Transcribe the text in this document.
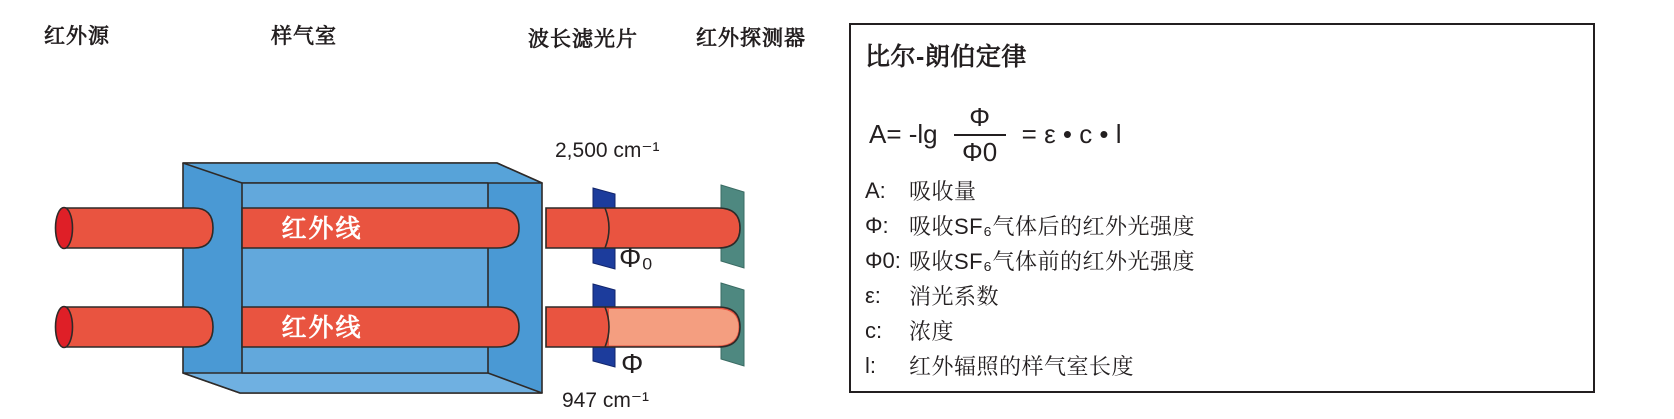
红外线
红外线
红外源	样气室	波长滤光片	红外探测器
2,500 cm⁻¹
Φ₀
Φ
947 cm⁻¹
比尔-朗伯定律
$A= -\lg \frac{\Phi}{\Phi 0} = \varepsilon$ • c • l
A:	吸收量
Φ: 吸收SF₆气体后的红外光强度
Φ0: 吸收SF₆气体前的红外光强度
ε:	消光系数
c:	浓度
l:	红外辐照的样气室长度
